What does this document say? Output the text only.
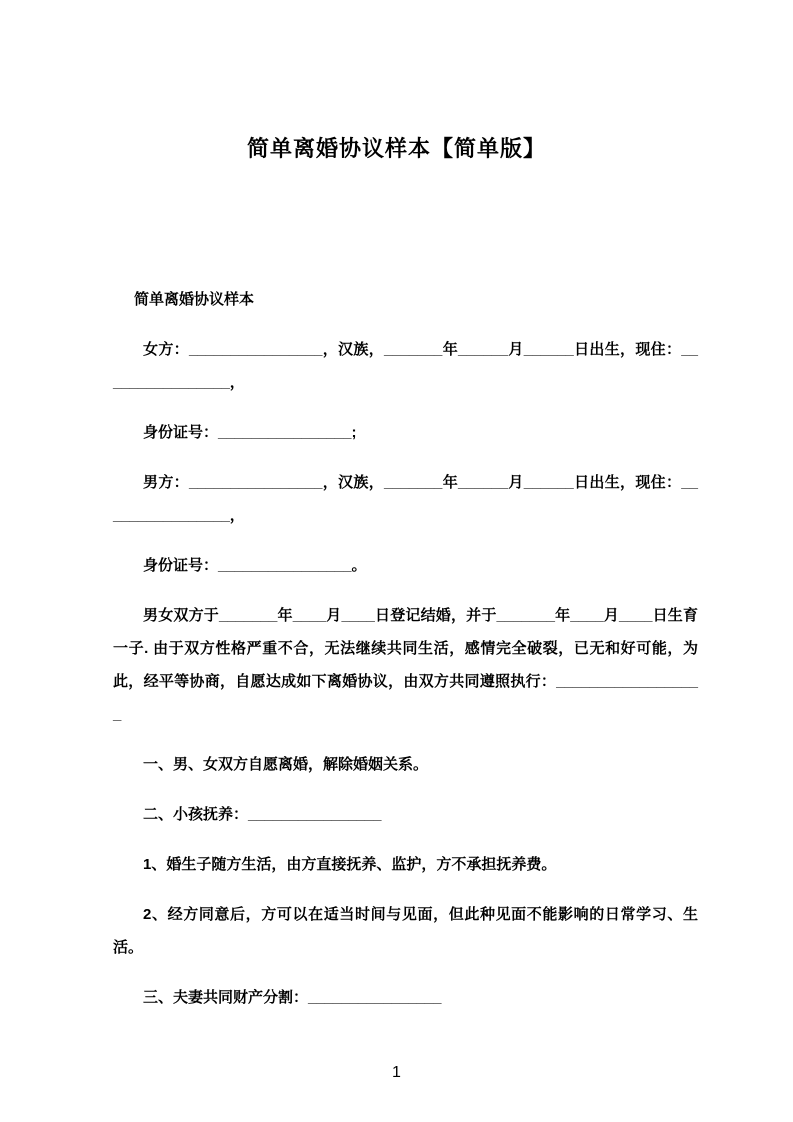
简单离婚协议样本【简单版】

简单离婚协议样本

女方：________________，汉族，_______年______月______日出生，现住：________________，

身份证号：________________;

男方：________________，汉族，_______年______月______日出生，现住：________________，

身份证号：________________。

男女双方于_______年____月____日登记结婚，并于_______年____月____日生育一子. 由于双方性格严重不合，无法继续共同生活，感情完全破裂，已无和好可能，为此，经平等协商，自愿达成如下离婚协议，由双方共同遵照执行：__________________

一、男、女双方自愿离婚，解除婚姻关系。

二、小孩抚养：________________

1、婚生子随方生活，由方直接抚养、监护，方不承担抚养费。

2、经方同意后，方可以在适当时间与见面，但此种见面不能影响的日常学习、生活。

三、夫妻共同财产分割：________________

1
